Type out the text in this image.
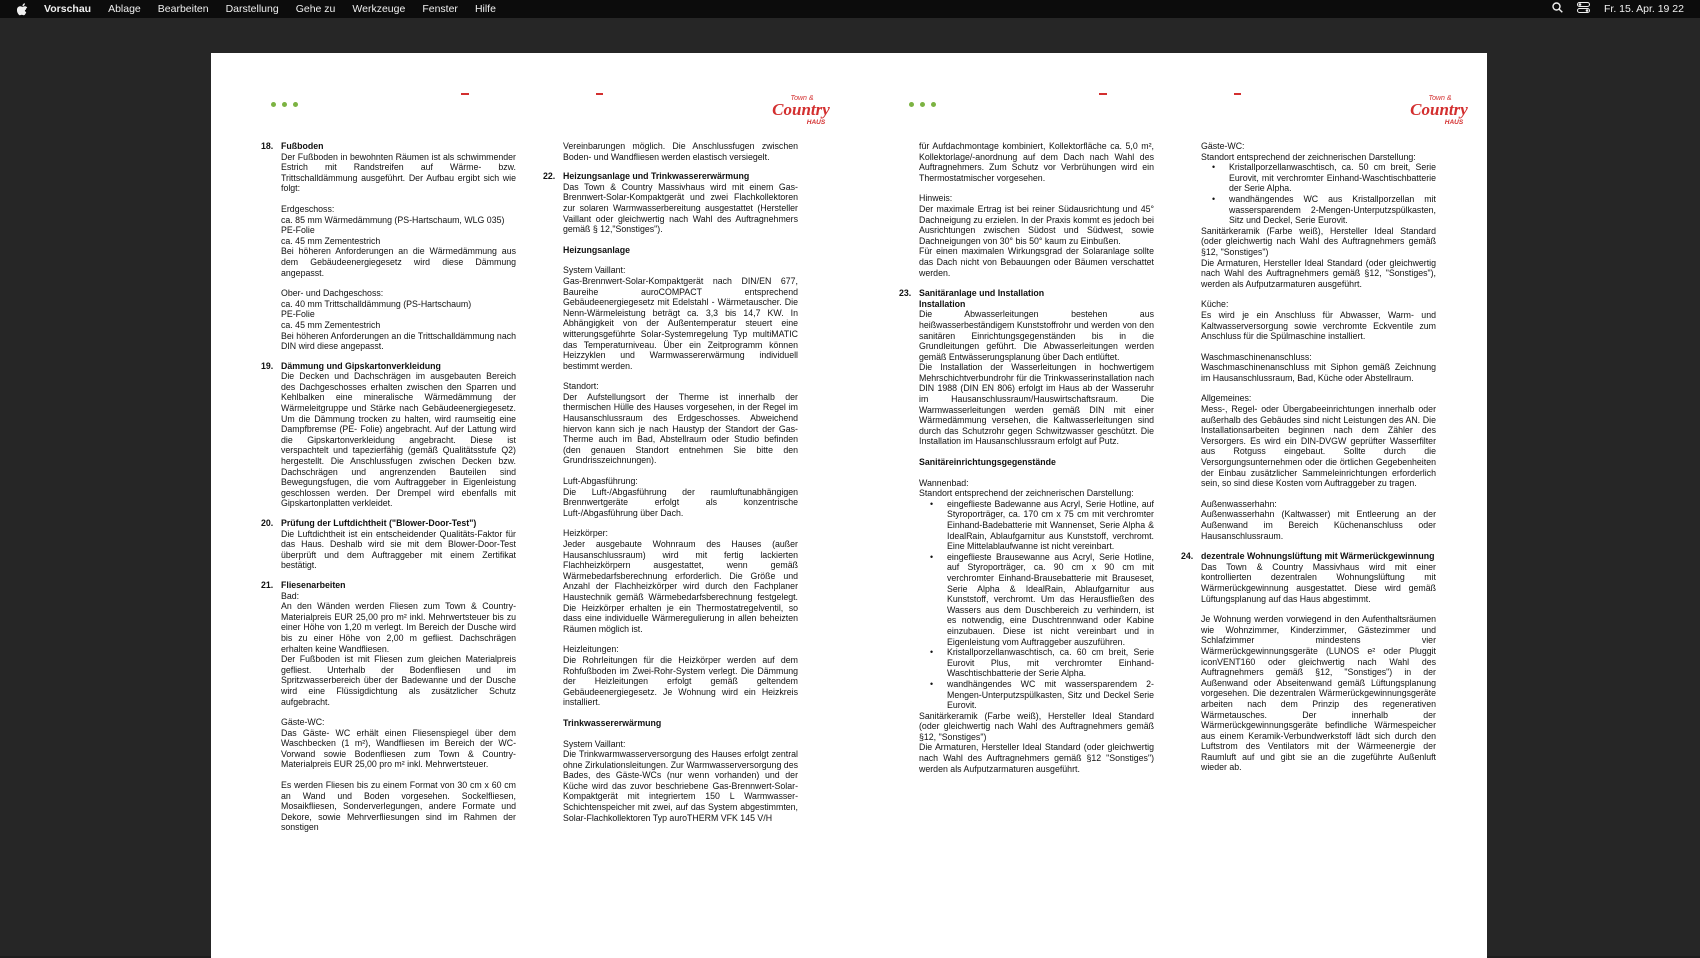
Vorschau Ablage Bearbeiten Darstellung Gehe zu Werkzeuge Fenster Hilfe	Fr. 15. Apr. 19 22
Town &
Country
HAUS
18. Fußboden

Der Fußboden in bewohnten Räumen ist als schwimmender Estrich mit Randstreifen auf Wärme- bzw. Trittschalldämmung ausgeführt. Der Aufbau ergibt sich wie folgt:

Erdgeschoss:

ca. 85 mm Wärmedämmung (PS-Hartschaum, WLG 035)

PE-Folie

ca. 45 mm Zementestrich

Bei höheren Anforderungen an die Wärmedämmung aus dem Gebäudeenergiegesetz wird diese Dämmung angepasst.

Ober- und Dachgeschoss:

ca. 40 mm Trittschalldämmung (PS-Hartschaum)

PE-Folie

ca. 45 mm Zementestrich

Bei höheren Anforderungen an die Trittschalldämmung nach DIN wird diese angepasst.

19. Dämmung und Gipskartonverkleidung

Die Decken und Dachschrägen im ausgebauten Bereich des Dachgeschosses erhalten zwischen den Sparren und Kehlbalken eine mineralische Wärmedämmung der Wärmeleitgruppe und Stärke nach Gebäudeenergiegesetz. Um die Dämmung trocken zu halten, wird raumseitig eine Dampfbremse (PE- Folie) angebracht. Auf der Lattung wird die Gipskartonverkleidung angebracht. Diese ist verspachtelt und tapezierfähig (gemäß Qualitätsstufe Q2) hergestellt. Die Anschlussfugen zwischen Decken bzw. Dachschrägen und angrenzenden Bauteilen sind Bewegungsfugen, die vom Auftraggeber in Eigenleistung geschlossen werden. Der Drempel wird ebenfalls mit Gipskartonplatten verkleidet.

20. Prüfung der Luftdichtheit ("Blower-Door-Test")

Die Luftdichtheit ist ein entscheidender Qualitäts-Faktor für das Haus. Deshalb wird sie mit dem Blower-Door-Test überprüft und dem Auftraggeber mit einem Zertifikat bestätigt.

21. Fliesenarbeiten

Bad:

An den Wänden werden Fliesen zum Town & Country-Materialpreis EUR 25,00 pro m² inkl. Mehrwertsteuer bis zu einer Höhe von 1,20 m verlegt. Im Bereich der Dusche wird bis zu einer Höhe von 2,00 m gefliest. Dachschrägen erhalten keine Wandfliesen.

Der Fußboden ist mit Fliesen zum gleichen Materialpreis gefliest. Unterhalb der Bodenfliesen und im Spritzwasserbereich über der Badewanne und der Dusche wird eine Flüssigdichtung als zusätzlicher Schutz aufgebracht.

Gäste-WC:

Das Gäste- WC erhält einen Fliesenspiegel über dem Waschbecken (1 m²), Wandfliesen im Bereich der WC-Vorwand sowie Bodenfliesen zum Town & Country-Materialpreis EUR 25,00 pro m² inkl. Mehrwertsteuer.

Es werden Fliesen bis zu einem Format von 30 cm x 60 cm an Wand und Boden vorgesehen. Sockelfliesen, Mosaikfliesen, Sonderverlegungen, andere Formate und Dekore, sowie Mehrverfliesungen sind im Rahmen der sonstigen

Vereinbarungen möglich. Die Anschlussfugen zwischen Boden- und Wandfliesen werden elastisch versiegelt.

22. Heizungsanlage und Trinkwassererwärmung

Das Town & Country Massivhaus wird mit einem Gas-Brennwert-Solar-Kompaktgerät und zwei Flachkollektoren zur solaren Warmwasserbereitung ausgestattet (Hersteller Vaillant oder gleichwertig nach Wahl des Auftragnehmers gemäß § 12,"Sonstiges").

Heizungsanlage

System Vaillant:

Gas-Brennwert-Solar-Kompaktgerät nach DIN/EN 677, Baureihe auroCOMPACT entsprechend Gebäudeenergiegesetz mit Edelstahl - Wärmetauscher. Die Nenn-Wärmeleistung beträgt ca. 3,3 bis 14,7 KW. In Abhängigkeit von der Außentemperatur steuert eine witterungsgeführte Solar-Systemregelung Typ multiMATIC das Temperaturniveau. Über ein Zeitprogramm können Heizzyklen und Warmwassererwärmung individuell bestimmt werden.

Standort:

Der Aufstellungsort der Therme ist innerhalb der thermischen Hülle des Hauses vorgesehen, in der Regel im Hausanschlussraum des Erdgeschosses. Abweichend hiervon kann sich je nach Haustyp der Standort der Gas-Therme auch im Bad, Abstellraum oder Studio befinden (den genauen Standort entnehmen Sie bitte den Grundrisszeichnungen).

Luft-Abgasführung:

Die Luft-/Abgasführung der raumluftunabhängigen Brennwertgeräte erfolgt als konzentrische Luft-/Abgasführung über Dach.

Heizkörper:

Jeder ausgebaute Wohnraum des Hauses (außer Hausanschlussraum) wird mit fertig lackierten Flachheizkörpern ausgestattet, wenn gemäß Wärmebedarfsberechnung erforderlich. Die Größe und Anzahl der Flachheizkörper wird durch den Fachplaner Haustechnik gemäß Wärmebedarfsberechnung festgelegt. Die Heizkörper erhalten je ein Thermostatregelventil, so dass eine individuelle Wärmeregulierung in allen beheizten Räumen möglich ist.

Heizleitungen:

Die Rohrleitungen für die Heizkörper werden auf dem Rohfußboden im Zwei-Rohr-System verlegt. Die Dämmung der Heizleitungen erfolgt gemäß geltendem Gebäudeenergiegesetz. Je Wohnung wird ein Heizkreis installiert.

Trinkwassererwärmung

System Vaillant:

Die Trinkwarmwasserversorgung des Hauses erfolgt zentral ohne Zirkulationsleitungen. Zur Warmwasserversorgung des Bades, des Gäste-WCs (nur wenn vorhanden) und der Küche wird das zuvor beschriebene Gas-Brennwert-Solar-Kompaktgerät mit integriertem 150 L Warmwasser-Schichtenspeicher mit zwei, auf das System abgestimmten, Solar-Flachkollektoren Typ auroTHERM VFK 145 V/H

Town &
Country
HAUS

für Aufdachmontage kombiniert, Kollektorfläche ca. 5,0 m², Kollektorlage/-anordnung auf dem Dach nach Wahl des Auftragnehmers. Zum Schutz vor Verbrühungen wird ein Thermostatmischer vorgesehen.

Hinweis:

Der maximale Ertrag ist bei reiner Südausrichtung und 45° Dachneigung zu erzielen. In der Praxis kommt es jedoch bei Ausrichtungen zwischen Südost und Südwest, sowie Dachneigungen von 30° bis 50° kaum zu Einbußen.

Für einen maximalen Wirkungsgrad der Solaranlage sollte das Dach nicht von Bebauungen oder Bäumen verschattet werden.

23. Sanitäranlage und Installation
Installation

Die Abwasserleitungen bestehen aus heißwasserbeständigem Kunststoffrohr und werden von den sanitären Einrichtungsgegenständen bis in die Grundleitungen geführt. Die Abwasserleitungen werden gemäß Entwässerungsplanung über Dach entlüftet.

Die Installation der Wasserleitungen in hochwertigem Mehrschichtverbundrohr für die Trinkwasserinstallation nach DIN 1988 (DIN EN 806) erfolgt im Haus ab der Wasseruhr im Hausanschlussraum/Hauswirtschaftsraum. Die Warmwasserleitungen werden gemäß DIN mit einer Wärmedämmung versehen, die Kaltwasserleitungen sind durch das Schutzrohr gegen Schwitzwasser geschützt. Die Installation im Hausanschlussraum erfolgt auf Putz.

Sanitäreinrichtungsgegenstände

Wannenbad:

Standort entsprechend der zeichnerischen Darstellung:

• eingeflieste Badewanne aus Acryl, Serie Hotline, auf Styroporträger, ca. 170 cm x 75 cm mit verchromter Einhand-Badebatterie mit Wannenset, Serie Alpha & IdealRain, Ablaufgarnitur aus Kunststoff, verchromt. Eine Mittelablaufwanne ist nicht vereinbart.
• eingeflieste Brausewanne aus Acryl, Serie Hotline, auf Styroporträger, ca. 90 cm x 90 cm mit verchromter Einhand-Brausebatterie mit Brauseset, Serie Alpha & IdealRain, Ablaufgarnitur aus Kunststoff, verchromt. Um das Herausfließen des Wassers aus dem Duschbereich zu verhindern, ist es notwendig, eine Duschtrennwand oder Kabine einzubauen. Diese ist nicht vereinbart und in Eigenleistung vom Auftraggeber auszuführen.
• Kristallporzellanwaschtisch, ca. 60 cm breit, Serie Eurovit Plus, mit verchromter Einhand-Waschtischbatterie der Serie Alpha.
• wandhängendes WC mit wassersparendem 2-Mengen-Unterputzspülkasten, Sitz und Deckel Serie Eurovit.

Sanitärkeramik (Farbe weiß), Hersteller Ideal Standard (oder gleichwertig nach Wahl des Auftragnehmers gemäß §12, "Sonstiges")

Die Armaturen, Hersteller Ideal Standard (oder gleichwertig nach Wahl des Auftragnehmers gemäß §12 "Sonstiges") werden als Aufputzarmaturen ausgeführt.

Gäste-WC:

Standort entsprechend der zeichnerischen Darstellung:

• Kristallporzellanwaschtisch, ca. 50 cm breit, Serie Eurovit, mit verchromter Einhand-Waschtischbatterie der Serie Alpha.
• wandhängendes WC aus Kristallporzellan mit wassersparendem 2-Mengen-Unterputzspülkasten, Sitz und Deckel, Serie Eurovit.

Sanitärkeramik (Farbe weiß), Hersteller Ideal Standard (oder gleichwertig nach Wahl des Auftragnehmers gemäß §12, "Sonstiges")

Die Armaturen, Hersteller Ideal Standard (oder gleichwertig nach Wahl des Auftragnehmers gemäß §12, "Sonstiges"), werden als Aufputzarmaturen ausgeführt.

Küche:

Es wird je ein Anschluss für Abwasser, Warm- und Kaltwasserversorgung sowie verchromte Eckventile zum Anschluss für die Spülmaschine installiert.

Waschmaschinenanschluss:

Waschmaschinenanschluss mit Siphon gemäß Zeichnung im Hausanschlussraum, Bad, Küche oder Abstellraum.

Allgemeines:

Mess-, Regel- oder Übergabeeinrichtungen innerhalb oder außerhalb des Gebäudes sind nicht Leistungen des AN. Die Installationsarbeiten beginnen nach dem Zähler des Versorgers. Es wird ein DIN-DVGW geprüfter Wasserfilter aus Rotguss eingebaut. Sollte durch die Versorgungsunternehmen oder die örtlichen Gegebenheiten der Einbau zusätzlicher Sammeleinrichtungen erforderlich sein, so sind diese Kosten vom Auftraggeber zu tragen.

Außenwasserhahn:

Außenwasserhahn (Kaltwasser) mit Entleerung an der Außenwand im Bereich Küchenanschluss oder Hausanschlussraum.

24. dezentrale Wohnungslüftung mit Wärmerückgewinnung

Das Town & Country Massivhaus wird mit einer kontrollierten dezentralen Wohnungslüftung mit Wärmerückgewinnung ausgestattet. Diese wird gemäß Lüftungsplanung auf das Haus abgestimmt.

Je Wohnung werden vorwiegend in den Aufenthaltsräumen wie Wohnzimmer, Kinderzimmer, Gästezimmer und Schlafzimmer mindestens vier Wärmerückgewinnungsgeräte (LUNOS e² oder Pluggit iconVENT160 oder gleichwertig nach Wahl des Auftragnehmers gemäß §12, "Sonstiges") in der Außenwand oder Abseitenwand gemäß Lüftungsplanung vorgesehen. Die dezentralen Wärmerückgewinnungsgeräte arbeiten nach dem Prinzip des regenerativen Wärmetausches. Der innerhalb der Wärmerückgewinnungsgeräte befindliche Wärmespeicher aus einem Keramik-Verbundwerkstoff lädt sich durch den Luftstrom des Ventilators mit der Wärmeenergie der Raumluft auf und gibt sie an die zugeführte Außenluft wieder ab.
